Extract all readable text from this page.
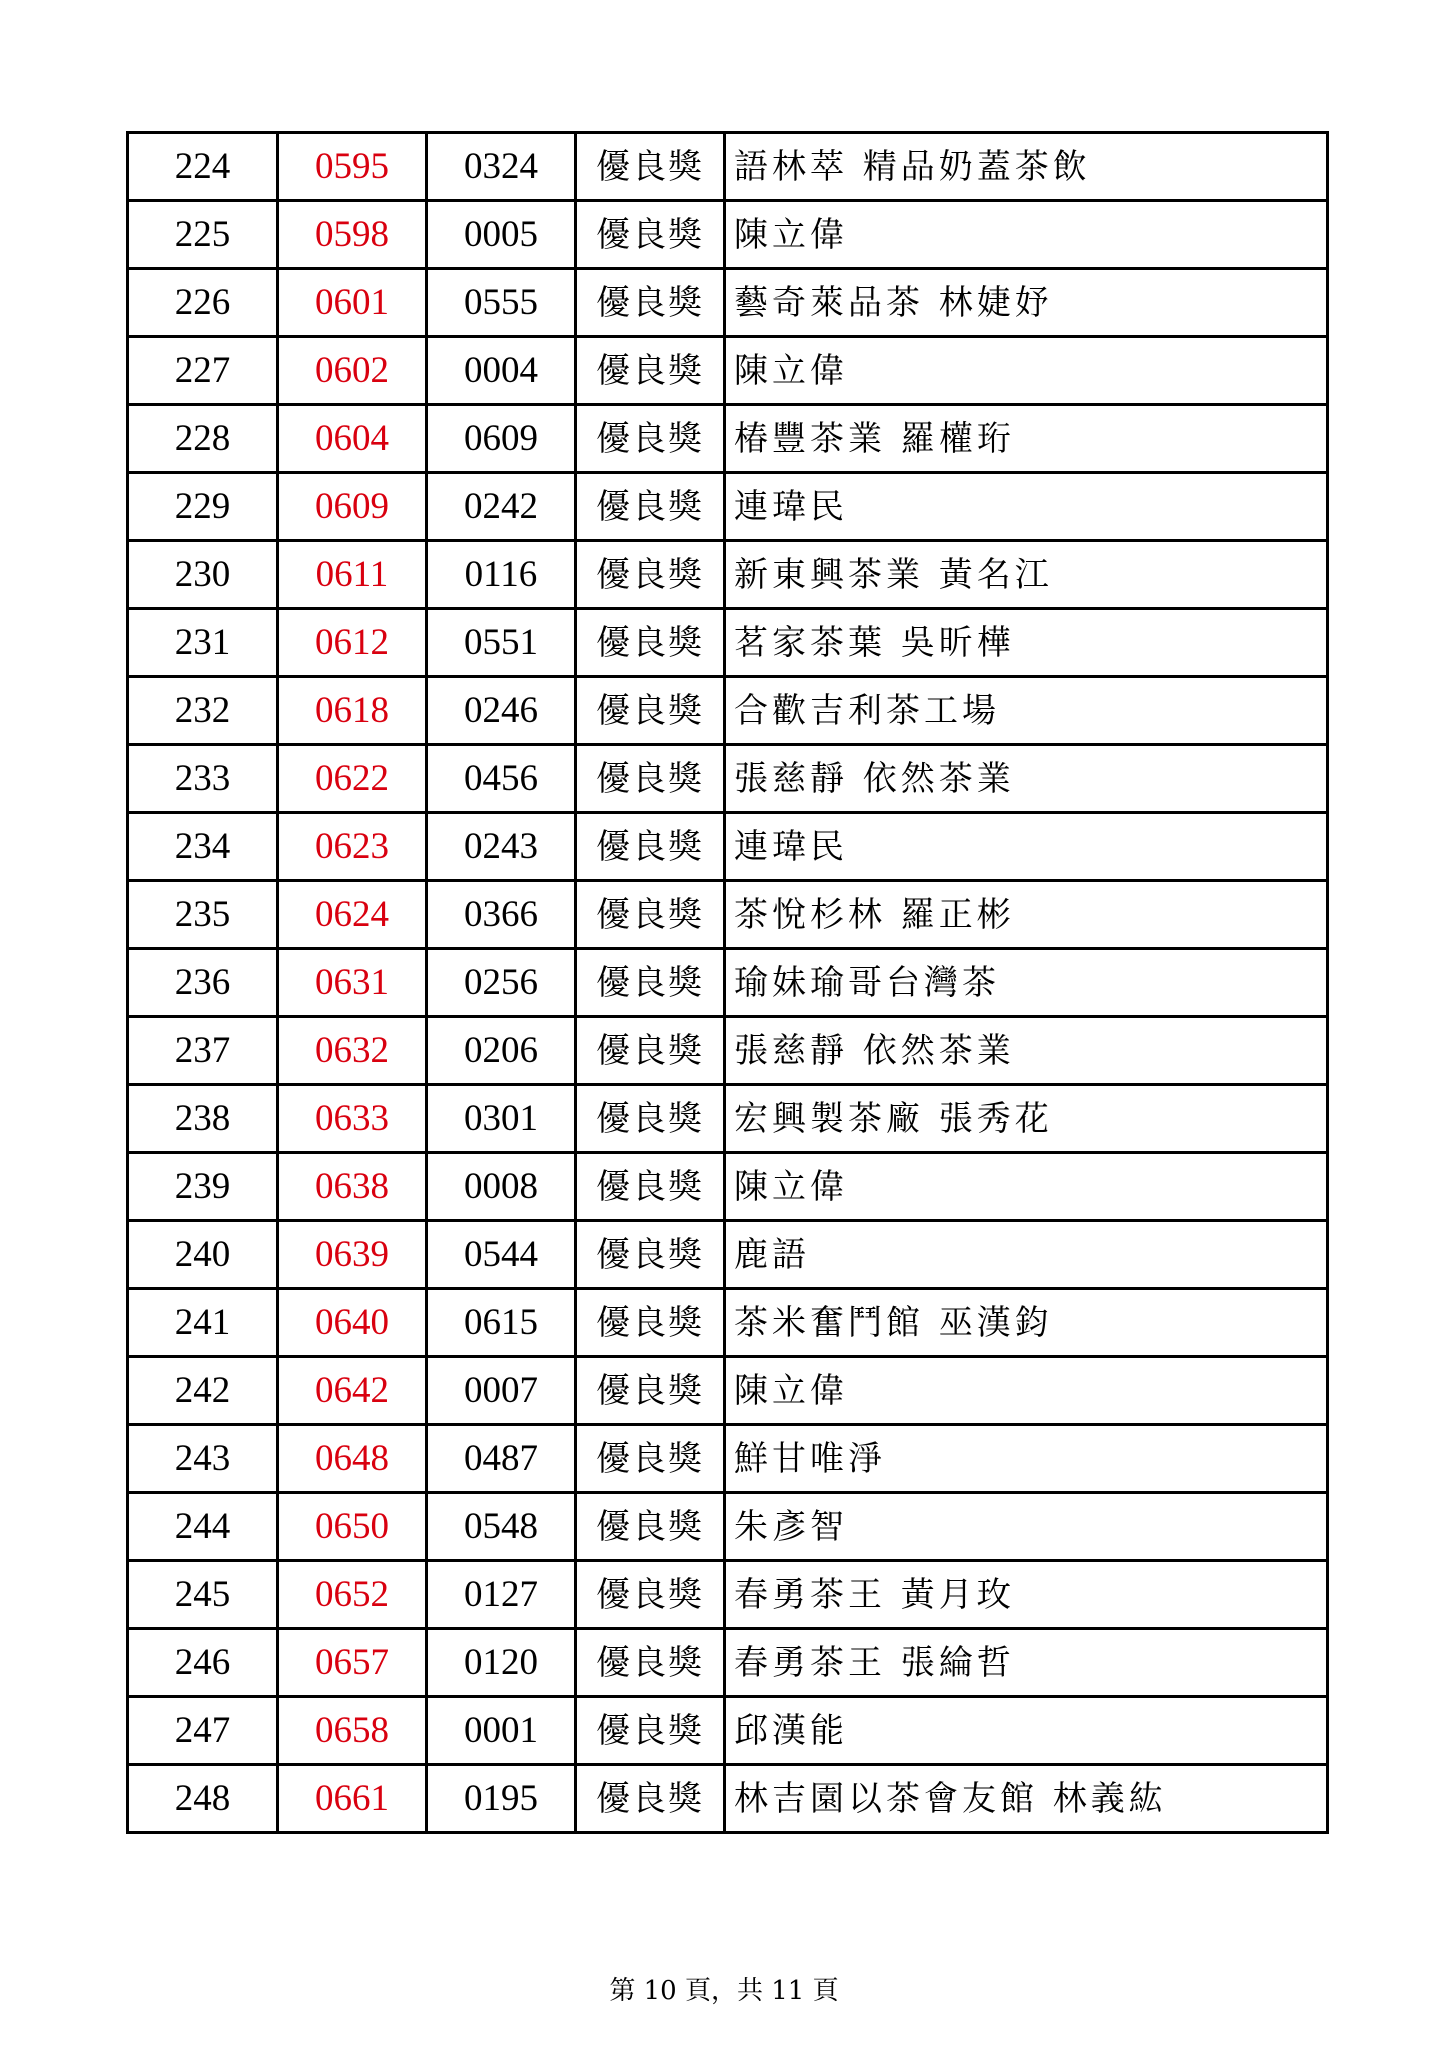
224	0595	0324	優良獎	語林萃 精品奶蓋茶飲
225	0598	0005	優良獎	陳立偉
226	0601	0555	優良獎	藝奇萊品茶 林婕妤
227	0602	0004	優良獎	陳立偉
228	0604	0609	優良獎	椿豐茶業 羅權珩
229	0609	0242	優良獎	連瑋民
230	0611	0116	優良獎	新東興茶業 黃名江
231	0612	0551	優良獎	茗家茶葉 吳昕樺
232	0618	0246	優良獎	合歡吉利茶工場
233	0622	0456	優良獎	張慈靜 依然茶業
234	0623	0243	優良獎	連瑋民
235	0624	0366	優良獎	茶悅杉林 羅正彬
236	0631	0256	優良獎	瑜妹瑜哥台灣茶
237	0632	0206	優良獎	張慈靜 依然茶業
238	0633	0301	優良獎	宏興製茶廠 張秀花
239	0638	0008	優良獎	陳立偉
240	0639	0544	優良獎	鹿語
241	0640	0615	優良獎	茶米奮鬥館 巫漢鈞
242	0642	0007	優良獎	陳立偉
243	0648	0487	優良獎	鮮甘唯淨
244	0650	0548	優良獎	朱彥智
245	0652	0127	優良獎	春勇茶王 黃月玫
246	0657	0120	優良獎	春勇茶王 張綸哲
247	0658	0001	優良獎	邱漢能
248	0661	0195	優良獎	林吉園以茶會友館 林義紘
第 10 頁，共 11 頁
